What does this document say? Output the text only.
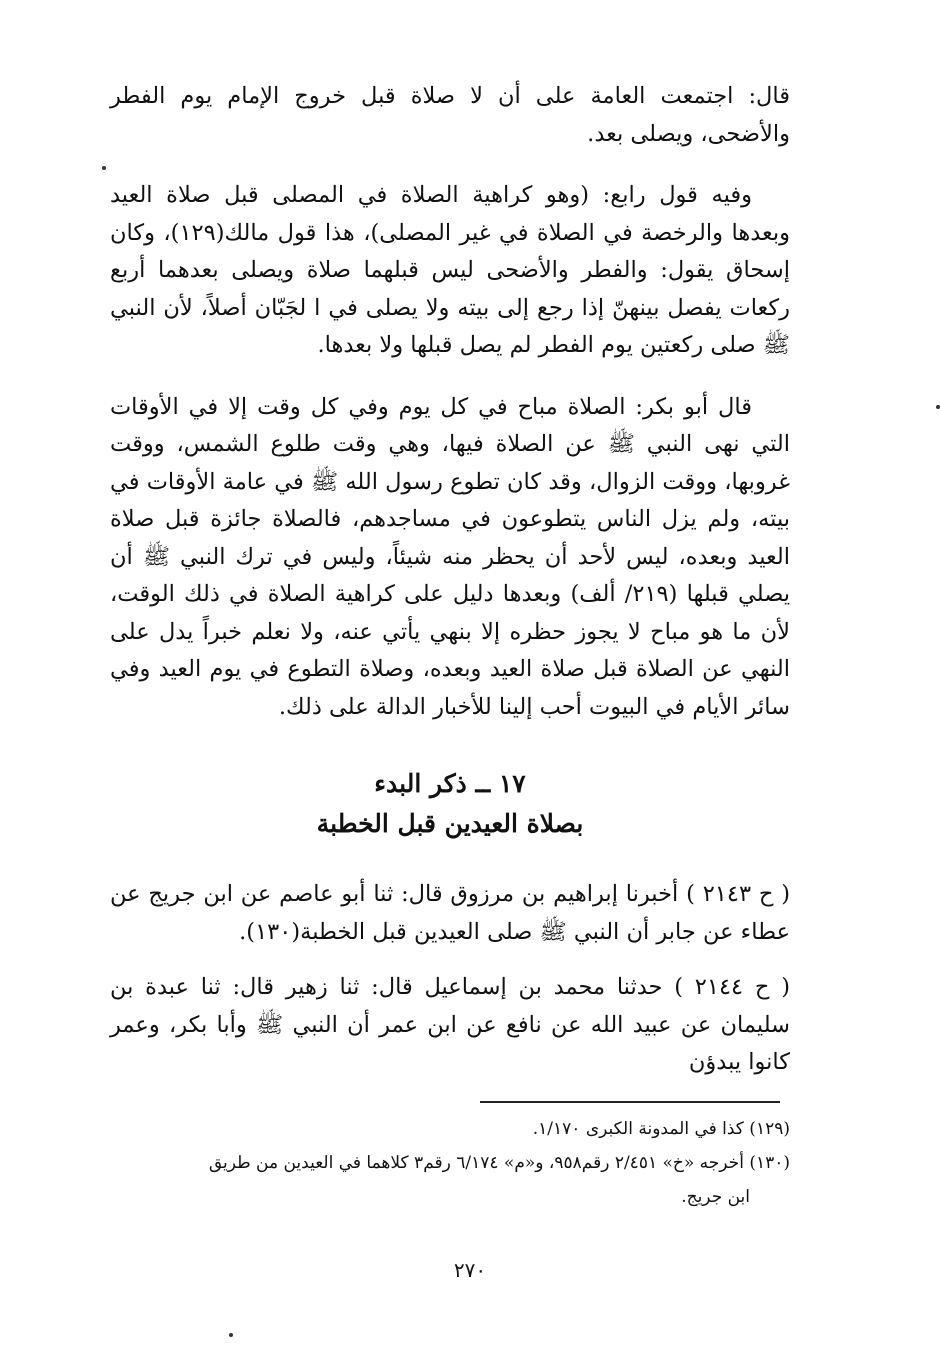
قال: اجتمعت العامة على أن لا صلاة قبل خروج الإمام يوم الفطر والأضحى، ويصلى بعد.

وفيه قول رابع: (وهو كراهية الصلاة في المصلى قبل صلاة العيد وبعدها والرخصة في الصلاة في غير المصلى)، هذا قول مالك(١٢٩)، وكان إسحاق يقول: والفطر والأضحى ليس قبلهما صلاة ويصلى بعدهما أربع ركعات يفصل بينهنّ إذا رجع إلى بيته ولا يصلى في ا لجَبّان أصلاً، لأن النبي ﷺ صلى ركعتين يوم الفطر لم يصل قبلها ولا بعدها.

قال أبو بكر: الصلاة مباح في كل يوم وفي كل وقت إلا في الأوقات التي نهى النبي ﷺ عن الصلاة فيها، وهي وقت طلوع الشمس، ووقت غروبها، ووقت الزوال، وقد كان تطوع رسول الله ﷺ في عامة الأوقات في بيته، ولم يزل الناس يتطوعون في مساجدهم، فالصلاة جائزة قبل صلاة العيد وبعده، ليس لأحد أن يحظر منه شيئاً، وليس في ترك النبي ﷺ أن يصلي قبلها (٢١٩/ ألف) وبعدها دليل على كراهية الصلاة في ذلك الوقت، لأن ما هو مباح لا يجوز حظره إلا بنهي يأتي عنه، ولا نعلم خبراً يدل على النهي عن الصلاة قبل صلاة العيد وبعده، وصلاة التطوع في يوم العيد وفي سائر الأيام في البيوت أحب إلينا للأخبار الدالة على ذلك.

١٧ ــ ذكر البدء
بصلاة العيدين قبل الخطبة

( ح ٢١٤٣ ) أخبرنا إبراهيم بن مرزوق قال: ثنا أبو عاصم عن ابن جريج عن عطاء عن جابر أن النبي ﷺ صلى العيدين قبل الخطبة(١٣٠).

( ح ٢١٤٤ ) حدثنا محمد بن إسماعيل قال: ثنا زهير قال: ثنا عبدة بن سليمان عن عبيد الله عن نافع عن ابن عمر أن النبي ﷺ وأبا بكر، وعمر كانوا يبدؤن

(١٢٩) كذا في المدونة الكبرى ١/١٧٠.
(١٣٠) أخرجه «خ» ٢/٤٥١ رقم٩٥٨، و«م» ٦/١٧٤ رقم٣ كلاهما في العيدين من طريق
ابن جريج.
٢٧٠
